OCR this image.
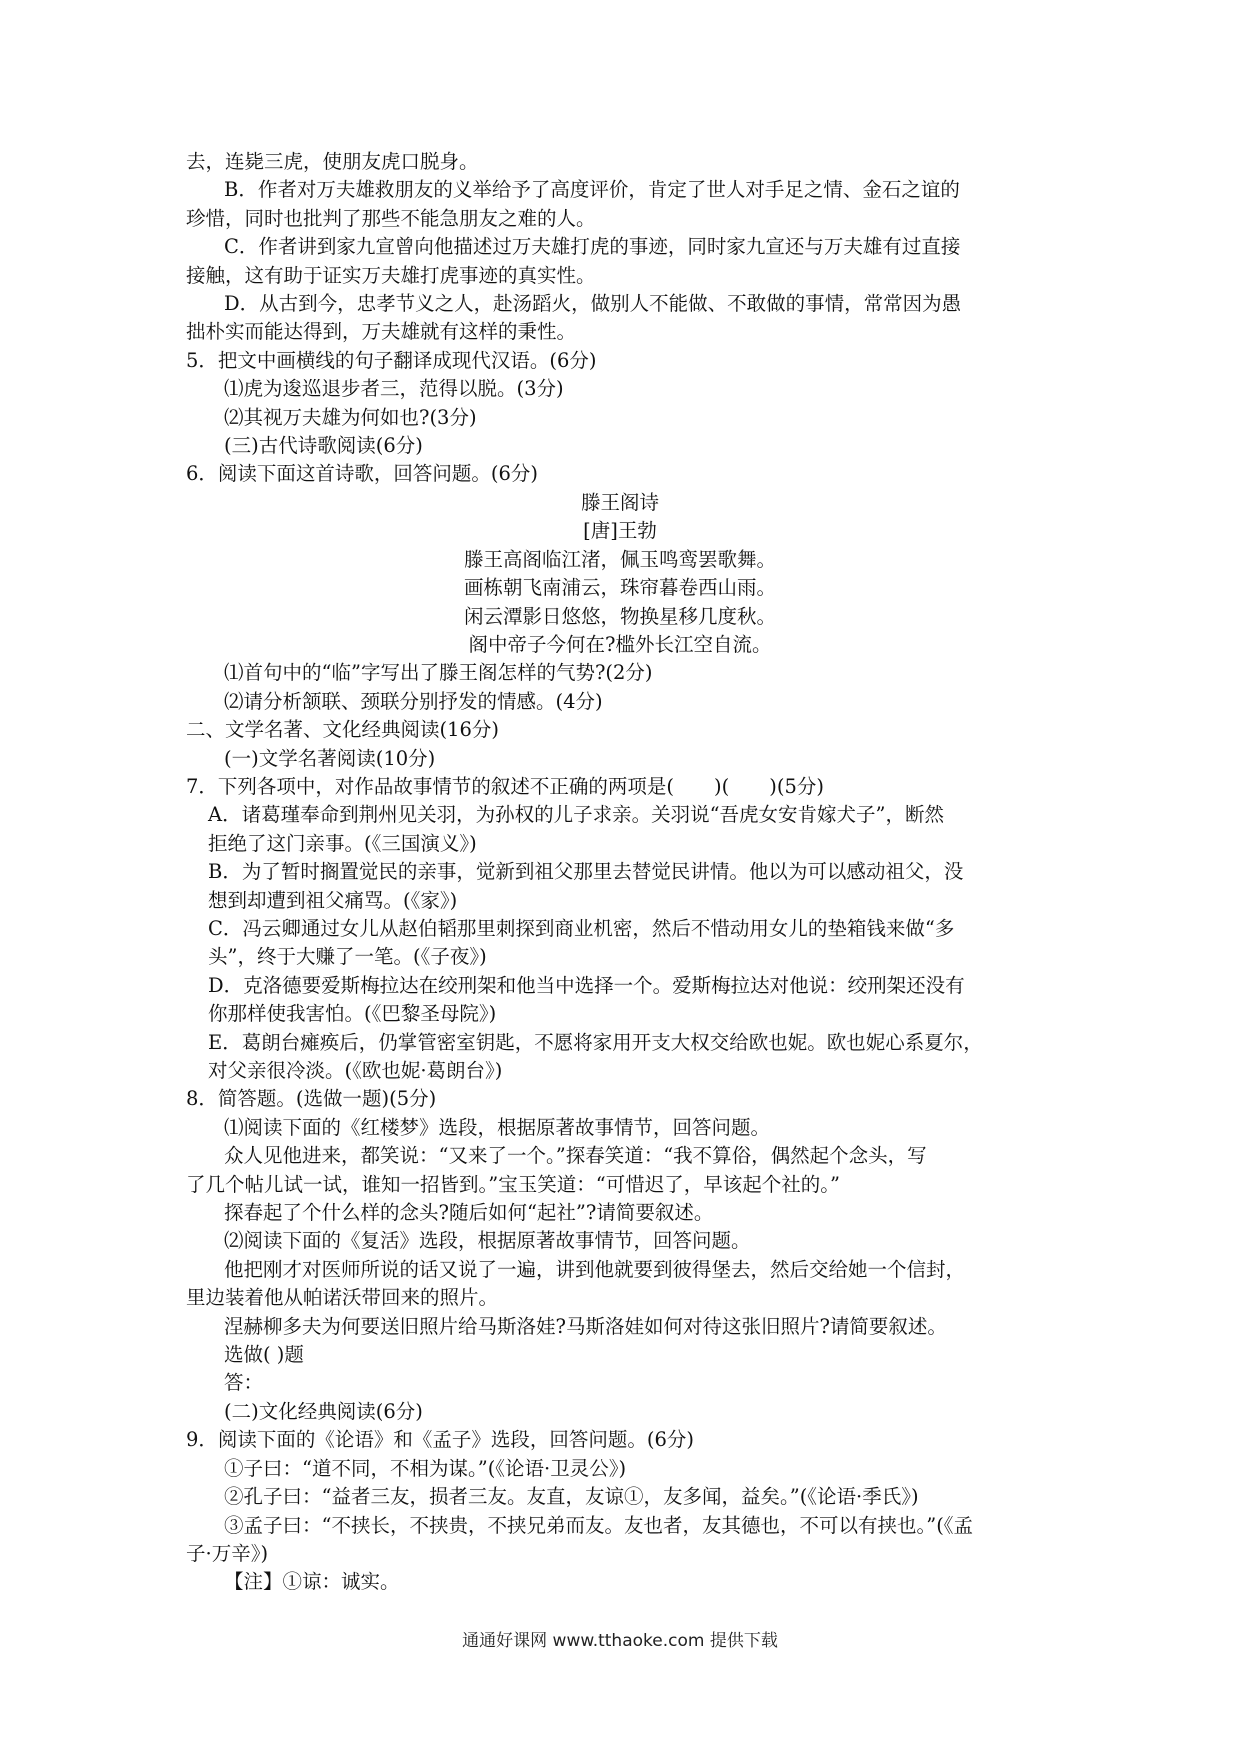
去，连毙三虎，使朋友虎口脱身。
B．作者对万夫雄救朋友的义举给予了高度评价，肯定了世人对手足之情、金石之谊的
珍惜，同时也批判了那些不能急朋友之难的人。
C．作者讲到家九宣曾向他描述过万夫雄打虎的事迹，同时家九宣还与万夫雄有过直接
接触，这有助于证实万夫雄打虎事迹的真实性。
D．从古到今，忠孝节义之人，赴汤蹈火，做别人不能做、不敢做的事情，常常因为愚
拙朴实而能达得到，万夫雄就有这样的秉性。
5．把文中画横线的句子翻译成现代汉语。(6分)
⑴虎为逡巡退步者三，范得以脱。(3分)
⑵其视万夫雄为何如也?(3分)
(三)古代诗歌阅读(6分)
6．阅读下面这首诗歌，回答问题。(6分)
滕王阁诗
[唐]王勃
滕王高阁临江渚，佩玉鸣鸾罢歌舞。
画栋朝飞南浦云，珠帘暮卷西山雨。
闲云潭影日悠悠，物换星移几度秋。
阁中帝子今何在?槛外长江空自流。
⑴首句中的“临”字写出了滕王阁怎样的气势?(2分)
⑵请分析颔联、颈联分别抒发的情感。(4分)
二、文学名著、文化经典阅读(16分)
(一)文学名著阅读(10分)
7．下列各项中，对作品故事情节的叙述不正确的两项是( )( )(5分)
A．诸葛瑾奉命到荆州见关羽，为孙权的儿子求亲。关羽说“吾虎女安肯嫁犬子”，断然
拒绝了这门亲事。(《三国演义》)
B．为了暂时搁置觉民的亲事，觉新到祖父那里去替觉民讲情。他以为可以感动祖父，没
想到却遭到祖父痛骂。(《家》)
C．冯云卿通过女儿从赵伯韬那里刺探到商业机密，然后不惜动用女儿的垫箱钱来做“多
头”，终于大赚了一笔。(《子夜》)
D．克洛德要爱斯梅拉达在绞刑架和他当中选择一个。爱斯梅拉达对他说：绞刑架还没有
你那样使我害怕。(《巴黎圣母院》)
E．葛朗台瘫痪后，仍掌管密室钥匙，不愿将家用开支大权交给欧也妮。欧也妮心系夏尔，
对父亲很冷淡。(《欧也妮·葛朗台》)
8．简答题。(选做一题)(5分)
⑴阅读下面的《红楼梦》选段，根据原著故事情节，回答问题。
众人见他进来，都笑说：“又来了一个。”探春笑道：“我不算俗，偶然起个念头，写
了几个帖儿试一试，谁知一招皆到。”宝玉笑道：“可惜迟了，早该起个社的。”
探春起了个什么样的念头?随后如何“起社”?请简要叙述。
⑵阅读下面的《复活》选段，根据原著故事情节，回答问题。
他把刚才对医师所说的话又说了一遍，讲到他就要到彼得堡去，然后交给她一个信封，
里边装着他从帕诺沃带回来的照片。
涅赫柳多夫为何要送旧照片给马斯洛娃?马斯洛娃如何对待这张旧照片?请简要叙述。
选做( )题
答：
(二)文化经典阅读(6分)
9．阅读下面的《论语》和《孟子》选段，回答问题。(6分)
①子曰：“道不同，不相为谋。”(《论语·卫灵公》)
②孔子曰：“益者三友，损者三友。友直，友谅①，友多闻，益矣。”(《论语·季氏》)
③孟子曰：“不挟长，不挟贵，不挟兄弟而友。友也者，友其德也，不可以有挟也。”(《孟
子·万辛》)
【注】①谅：诚实。
通通好课网 www.tthaoke.com 提供下载
